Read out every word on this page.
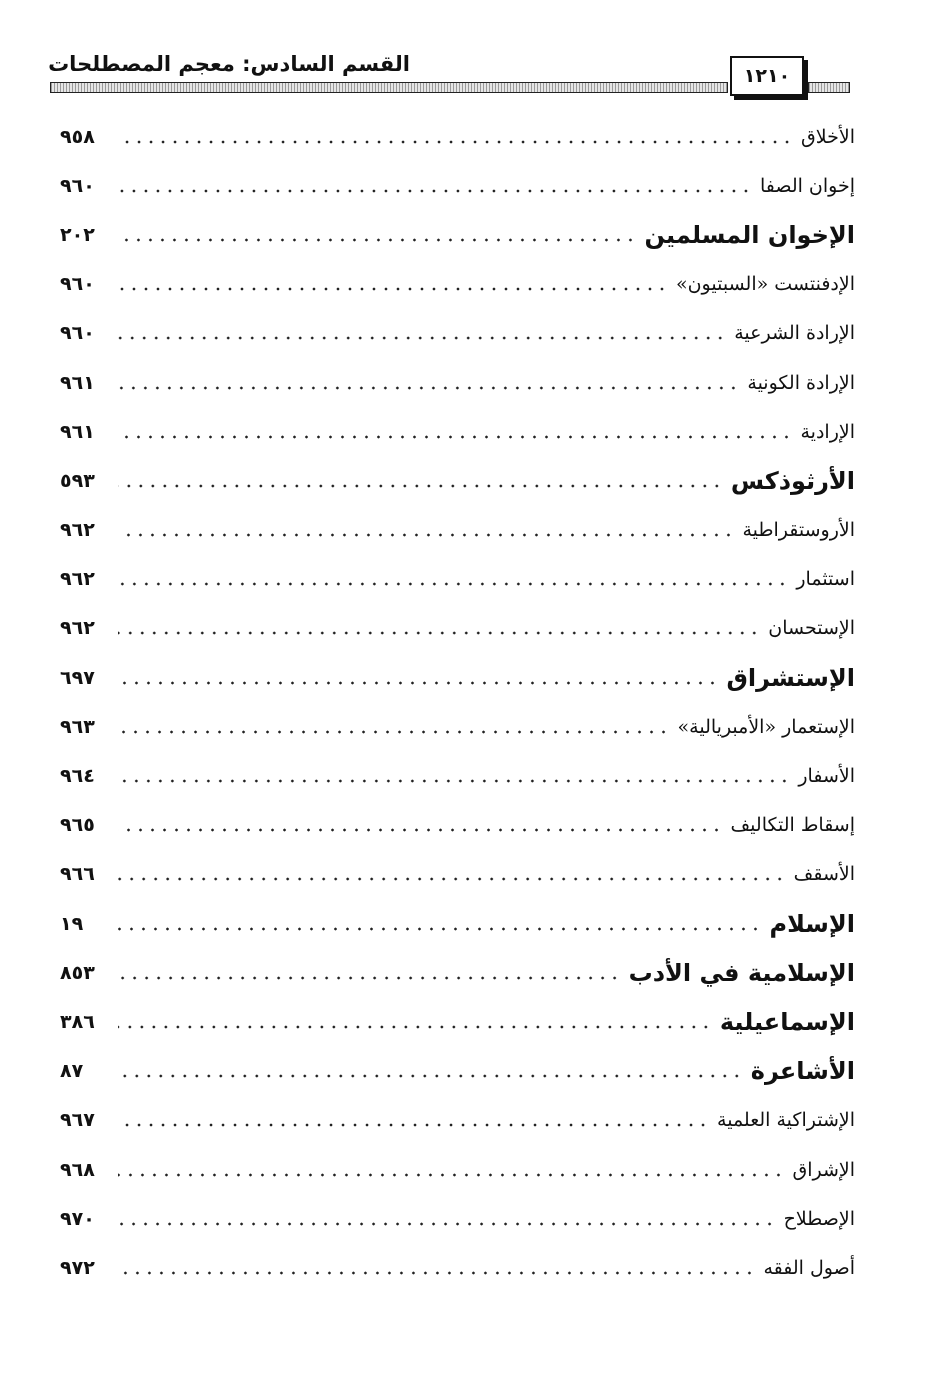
القسم السادس: معجم المصطلحات	١٢١٠
الأخلاق
٩٥٨
إخوان الصفا
٩٦٠
الإخوان المسلمين
٢٠٢
الإدفنتست «السبتيون»
٩٦٠
الإرادة الشرعية
٩٦٠
الإرادة الكونية
٩٦١
الإرادية
٩٦١
الأرثوذكس
٥٩٣
الأروستقراطية
٩٦٢
استثمار
٩٦٢
الإستحسان
٩٦٢
الإستشراق
٦٩٧
الإستعمار «الأمبريالية»
٩٦٣
الأسفار
٩٦٤
إسقاط التكاليف
٩٦٥
الأسقف
٩٦٦
الإسلام
١٩
الإسلامية في الأدب
٨٥٣
الإسماعيلية
٣٨٦
الأشاعرة
٨٧
الإشتراكية العلمية
٩٦٧
الإشراق
٩٦٨
الإصطلاح
٩٧٠
أصول الفقه
٩٧٢
